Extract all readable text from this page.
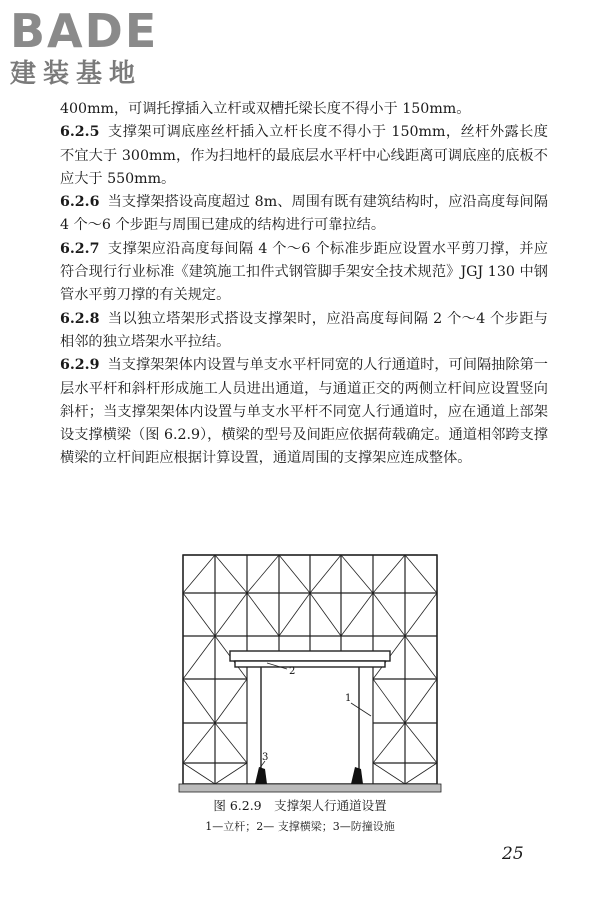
BADE
建装基地

400mm，可调托撑插入立杆或双槽托梁长度不得小于 150mm。

6.2.5 支撑架可调底座丝杆插入立杆长度不得小于 150mm，丝杆外露长度不宜大于 300mm，作为扫地杆的最底层水平杆中心线距离可调底座的底板不应大于 550mm。

6.2.6 当支撑架搭设高度超过 8m、周围有既有建筑结构时，应沿高度每间隔 4 个～6 个步距与周围已建成的结构进行可靠拉结。

6.2.7 支撑架应沿高度每间隔 4 个～6 个标准步距应设置水平剪刀撑，并应符合现行行业标准《建筑施工扣件式钢管脚手架安全技术规范》JGJ 130 中钢管水平剪刀撑的有关规定。

6.2.8 当以独立塔架形式搭设支撑架时，应沿高度每间隔 2 个～4 个步距与相邻的独立塔架水平拉结。

6.2.9 当支撑架架体内设置与单支水平杆同宽的人行通道时，可间隔抽除第一层水平杆和斜杆形成施工人员进出通道，与通道正交的两侧立杆间应设置竖向斜杆；当支撑架架体内设置与单支水平杆不同宽人行通道时，应在通道上部架设支撑横梁（图 6.2.9），横梁的型号及间距应依据荷载确定。通道相邻跨支撑横梁的立杆间距应根据计算设置，通道周围的支撑架应连成整体。

2
1
3
图 6.2.9　支撑架人行通道设置
1—立杆；2— 支撑横梁；3—防撞设施
25
